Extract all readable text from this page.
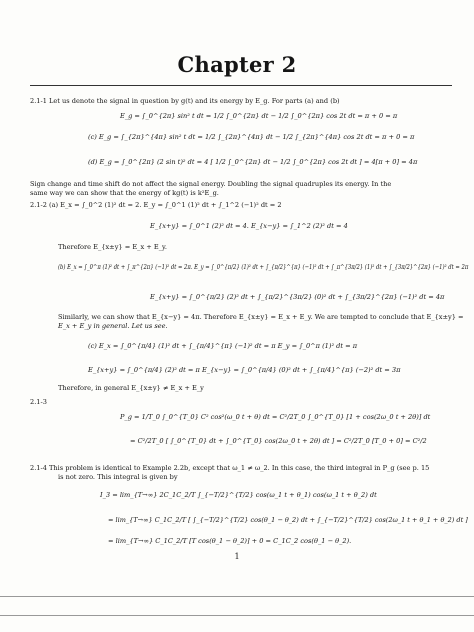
Chapter 2
2.1-1 Let us denote the signal in question by g(t) and its energy by E_g. For parts (a) and (b)
E_g = ∫_0^{2π} sin² t dt = 1/2 ∫_0^{2π} dt − 1/2 ∫_0^{2π} cos 2t dt = π + 0 = π
(c) E_g = ∫_{2π}^{4π} sin² t dt = 1/2 ∫_{2π}^{4π} dt − 1/2 ∫_{2π}^{4π} cos 2t dt = π + 0 = π
(d) E_g = ∫_0^{2π} (2 sin t)² dt = 4 [ 1/2 ∫_0^{2π} dt − 1/2 ∫_0^{2π} cos 2t dt ] = 4[π + 0] = 4π
Sign change and time shift do not affect the signal energy. Doubling the signal quadruples its energy. In the
same way we can show that the energy of kg(t) is k²E_g.
2.1-2 (a) E_x = ∫_0^2 (1)² dt = 2. E_y = ∫_0^1 (1)² dt + ∫_1^2 (−1)² dt = 2
E_{x+y} = ∫_0^1 (2)² dt = 4. E_{x−y} = ∫_1^2 (2)² dt = 4
Therefore E_{x±y} = E_x + E_y.
(b) E_x = ∫_0^π (1)² dt + ∫_π^{2π} (−1)² dt = 2π. E_y = ∫_0^{π/2} (1)² dt + ∫_{π/2}^{π} (−1)² dt + ∫_π^{3π/2} (1)² dt + ∫_{3π/2}^{2π} (−1)² dt = 2π
E_{x+y} = ∫_0^{π/2} (2)² dt + ∫_{π/2}^{3π/2} (0)² dt + ∫_{3π/2}^{2π} (−1)² dt = 4π
Similarly, we can show that E_{x−y} = 4π. Therefore E_{x±y} = E_x + E_y. We are tempted to conclude that E_{x±y} =
E_x + E_y in general. Let us see.
(c) E_x = ∫_0^{π/4} (1)² dt + ∫_{π/4}^{π} (−1)² dt = π E_y = ∫_0^π (1)² dt = π
E_{x+y} = ∫_0^{π/4} (2)² dt = π E_{x−y} = ∫_0^{π/4} (0)² dt + ∫_{π/4}^{π} (−2)² dt = 3π
Therefore, in general E_{x±y} ≠ E_x + E_y
2.1-3
P_g = 1/T_0 ∫_0^{T_0} C² cos²(ω_0 t + θ) dt = C²/2T_0 ∫_0^{T_0} [1 + cos(2ω_0 t + 2θ)] dt
= C²/2T_0 [ ∫_0^{T_0} dt + ∫_0^{T_0} cos(2ω_0 t + 2θ) dt ] = C²/2T_0 [T_0 + 0] = C²/2
2.1-4 This problem is identical to Example 2.2b, except that ω_1 ≠ ω_2. In this case, the third integral in P_g (see p. 15
is not zero. This integral is given by
I_3 = lim_{T→∞} 2C_1C_2/T ∫_{−T/2}^{T/2} cos(ω_1 t + θ_1) cos(ω_1 t + θ_2) dt
= lim_{T→∞} C_1C_2/T [ ∫_{−T/2}^{T/2} cos(θ_1 − θ_2) dt + ∫_{−T/2}^{T/2} cos(2ω_1 t + θ_1 + θ_2) dt ]
= lim_{T→∞} C_1C_2/T [T cos(θ_1 − θ_2)] + 0 = C_1C_2 cos(θ_1 − θ_2).
1
